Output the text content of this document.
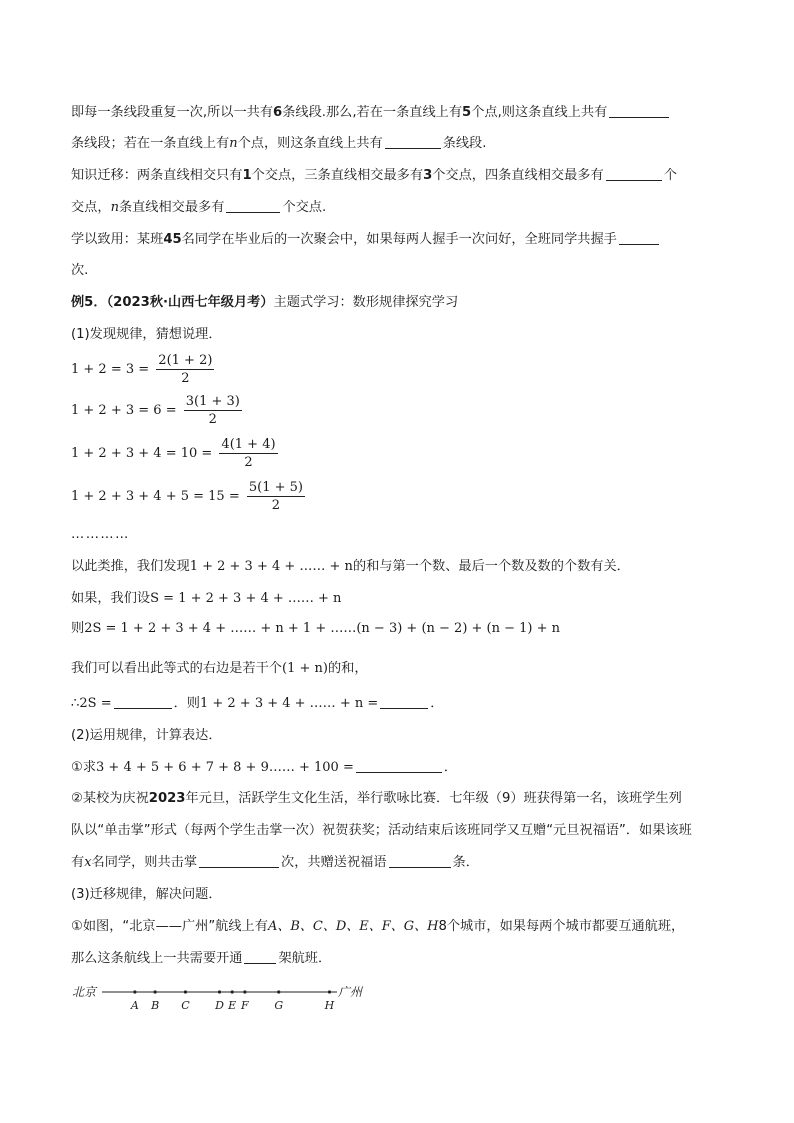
即每一条线段重复一次,所以一共有6条线段.那么,若在一条直线上有5个点,则这条直线上共有
条线段；若在一条直线上有n个点，则这条直线上共有	条线段.
知识迁移：两条直线相交只有1个交点，三条直线相交最多有3个交点，四条直线相交最多有	个
交点，n条直线相交最多有	个交点.
学以致用：某班45名同学在毕业后的一次聚会中，如果每两人握手一次问好，全班同学共握手
次.
例5．（2023秋·山西七年级月考）主题式学习：数形规律探究学习
(1)发现规律，猜想说理．
$1 + 2 = 3 = \frac{2(1 + 2)}{2}$
$1 + 2 + 3 = 6 = \frac{3(1 + 3)}{2}$
$1 + 2 + 3 + 4 = 10 = \frac{4(1 + 4)}{2}$
$1 + 2 + 3 + 4 + 5 = 15 = \frac{5(1 + 5)}{2}$
…………
以此类推，我们发现1 + 2 + 3 + 4 + …… + n的和与第一个数、最后一个数及数的个数有关．
如果，我们设S = 1 + 2 + 3 + 4 + …… + n
则2S = 1 + 2 + 3 + 4 + …… + n + 1 + ……(n − 3) + (n − 2) + (n − 1) + n
我们可以看出此等式的右边是若干个(1 + n)的和，
∴2S =	．则1 + 2 + 3 + 4 + …… + n =	．
(2)运用规律，计算表达．
①求3 + 4 + 5 + 6 + 7 + 8 + 9…… + 100 =	．
②某校为庆祝2023年元旦，活跃学生文化生活，举行歌咏比赛．七年级（9）班获得第一名，该班学生列
队以“单击掌”形式（每两个学生击掌一次）祝贺获奖；活动结束后该班同学又互赠“元旦祝福语”．如果该班
有x名同学，则共击掌	次，共赠送祝福语	条．
(3)迁移规律，解决问题．
①如图，“北京——广州”航线上有A、B、C、D、E、F、G、H8个城市，如果每两个城市都要互通航班，
那么这条航线上一共需要开通	架航班．
北京	广州
A B C D E F G	H
